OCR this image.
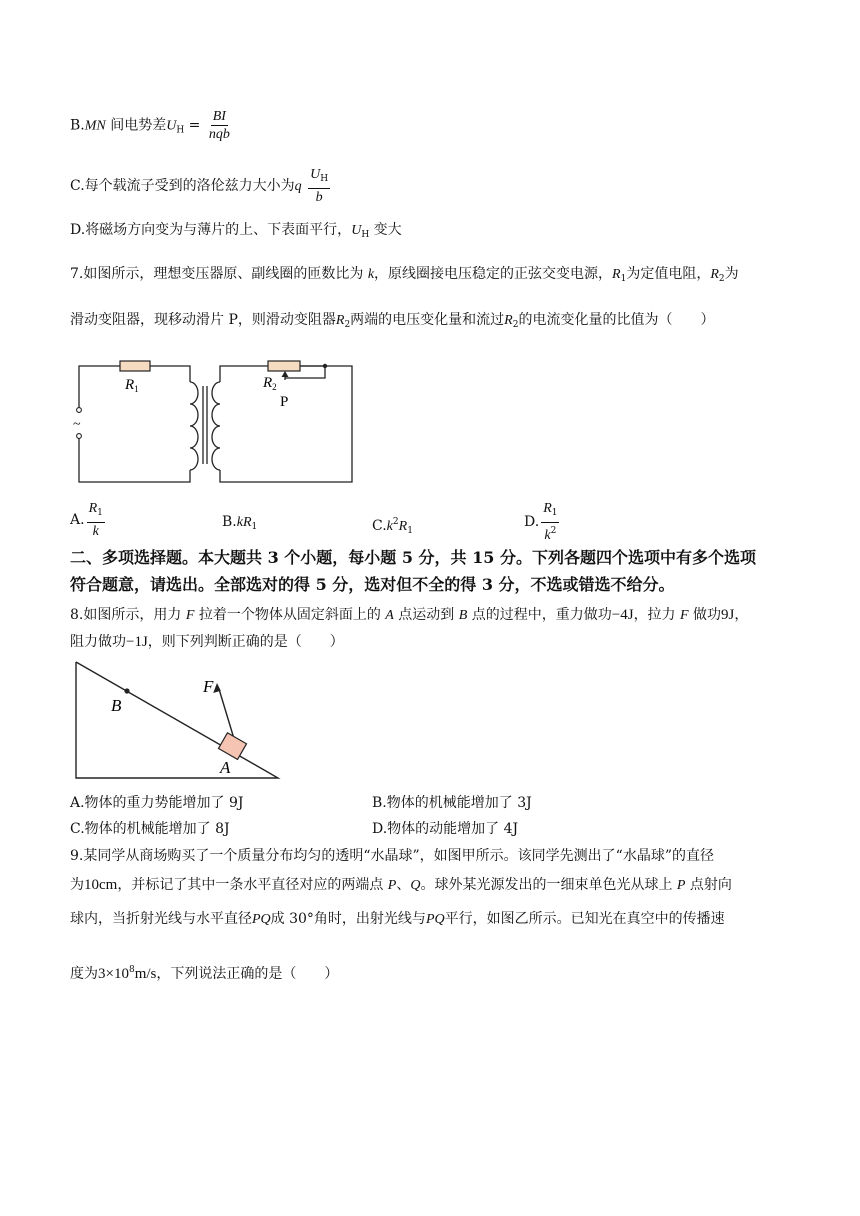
B.MN 间电势差$U_H = \frac{BI}{\text{nqb}}$
C.每个载流子受到的洛伦兹力大小为q $\frac{U_H}{b}$
D.将磁场方向变为与薄片的上、下表面平行，$U_H$ 变大
7.如图所示，理想变压器原、副线圈的匝数比为 k，原线圈接电压稳定的正弦交变电源，$R_1$为定值电阻，$R_2$为
滑动变阻器，现移动滑片 P，则滑动变阻器$R_2$两端的电压变化量和流过$R_2$的电流变化量的比值为（　　）
~
$R_1$	$R_2$
P
A. $\frac{R_1}{k}$	$B.kR_1$	$C.k^2R_1$
D. $\frac{R_1}{k^2}$
二、多项选择题。本大题共 3 个小题，每小题 5 分，共 15 分。下列各题四个选项中有多个选项
符合题意，请选出。全部选对的得 5 分，选对但不全的得 3 分，不选或错选不给分。
8.如图所示，用力 F 拉着一个物体从固定斜面上的 A 点运动到 B 点的过程中，重力做功−4J，拉力 F 做功9J，
阻力做功−1J，则下列判断正确的是（　　）
F
B
A
A.物体的重力势能增加了 9J	B.物体的机械能增加了 3J
C.物体的机械能增加了 8J	D.物体的动能增加了 4J
9.某同学从商场购买了一个质量分布均匀的透明“水晶球”，如图甲所示。该同学先测出了“水晶球”的直径
为10cm，并标记了其中一条水平直径对应的两端点 P、Q。球外某光源发出的一细束单色光从球上 P 点射向
球内，当折射光线与水平直径PQ成 30°角时，出射光线与PQ平行，如图乙所示。已知光在真空中的传播速
度为$3\times 10^8m/s$，下列说法正确的是（　　）
